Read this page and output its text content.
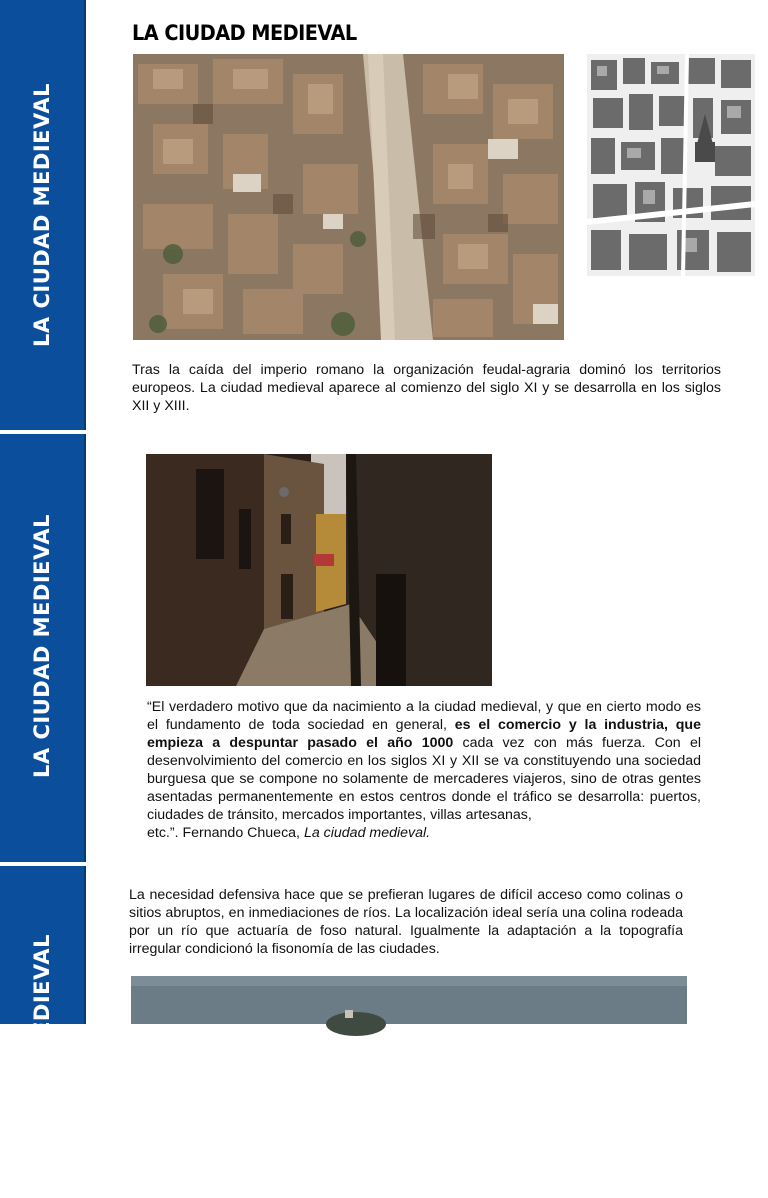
LA CIUDAD MEDIEVAL
LA CIUDAD MEDIEVAL
LA CIUDAD MEDIEVAL
LA CIUDAD MEDIEVAL

Tras la caída del imperio romano la organización feudal-agraria dominó los territorios europeos. La ciudad medieval aparece al comienzo del siglo XI y se desarrolla en los siglos XII y XIII.

“El verdadero motivo que da nacimiento a la ciudad medieval, y que en cierto modo es el fundamento de toda sociedad en general, es el comercio y la industria, que empieza a despuntar pasado el año 1000 cada vez con más fuerza. Con el desenvolvimiento del comercio en los siglos XI y XII se va constituyendo una sociedad burguesa que se compone no solamente de mercaderes viajeros, sino de otras gentes asentadas permanentemente en estos centros donde el tráfico se desarrolla: puertos, ciudades de tránsito, mercados importantes, villas artesanas,
etc.”. Fernando Chueca, La ciudad medieval.

La necesidad defensiva hace que se prefieran lugares de difícil acceso como colinas o sitios abruptos, en inmediaciones de ríos. La localización ideal sería una colina rodeada por un río que actuaría de foso natural. Igualmente la adaptación a la topografía irregular condicionó la fisonomía de las ciudades.
